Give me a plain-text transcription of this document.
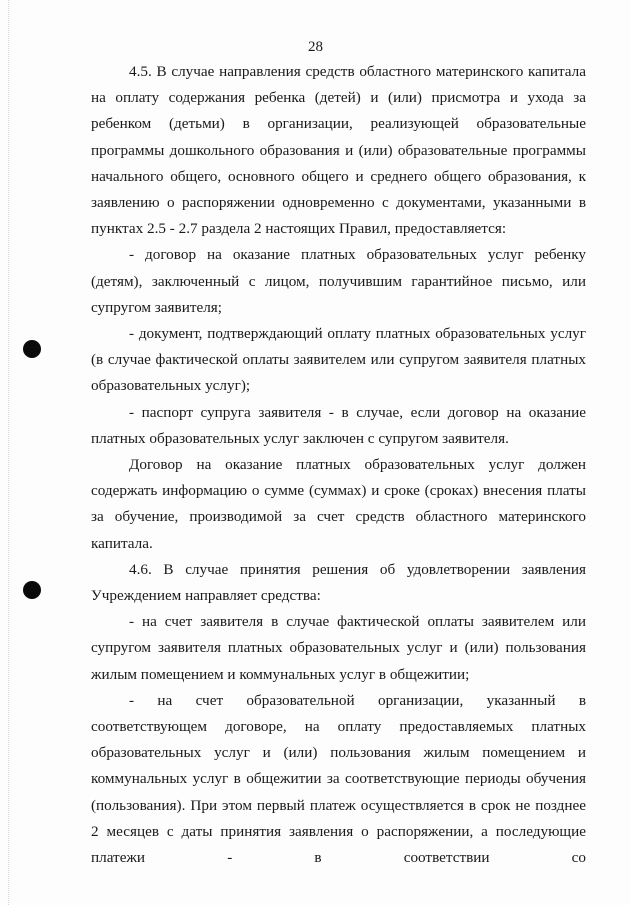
28

4.5. В случае направления средств областного материнского капитала на оплату содержания ребенка (детей) и (или) присмотра и ухода за ребенком (детьми) в организации, реализующей образовательные программы дошкольного образования и (или) образовательные программы начального общего, основного общего и среднего общего образования, к заявлению о распоряжении одновременно с документами, указанными в пунктах 2.5 - 2.7 раздела 2 настоящих Правил, предоставляется:

- договор на оказание платных образовательных услуг ребенку (детям), заключенный с лицом, получившим гарантийное письмо, или супругом заявителя;

- документ, подтверждающий оплату платных образовательных услуг (в случае фактической оплаты заявителем или супругом заявителя платных образовательных услуг);

- паспорт супруга заявителя - в случае, если договор на оказание платных образовательных услуг заключен с супругом заявителя.

Договор на оказание платных образовательных услуг должен содержать информацию о сумме (суммах) и сроке (сроках) внесения платы за обучение, производимой за счет средств областного материнского капитала.

4.6. В случае принятия решения об удовлетворении заявления Учреждением направляет средства:

- на счет заявителя в случае фактической оплаты заявителем или супругом заявителя платных образовательных услуг и (или) пользования жилым помещением и коммунальных услуг в общежитии;

- на счет образовательной организации, указанный в соответствующем договоре, на оплату предоставляемых платных образовательных услуг и (или) пользования жилым помещением и коммунальных услуг в общежитии за соответствующие периоды обучения (пользования). При этом первый платеж осуществляется в срок не позднее 2 месяцев с даты принятия заявления о распоряжении, а последующие платежи - в соответствии со
